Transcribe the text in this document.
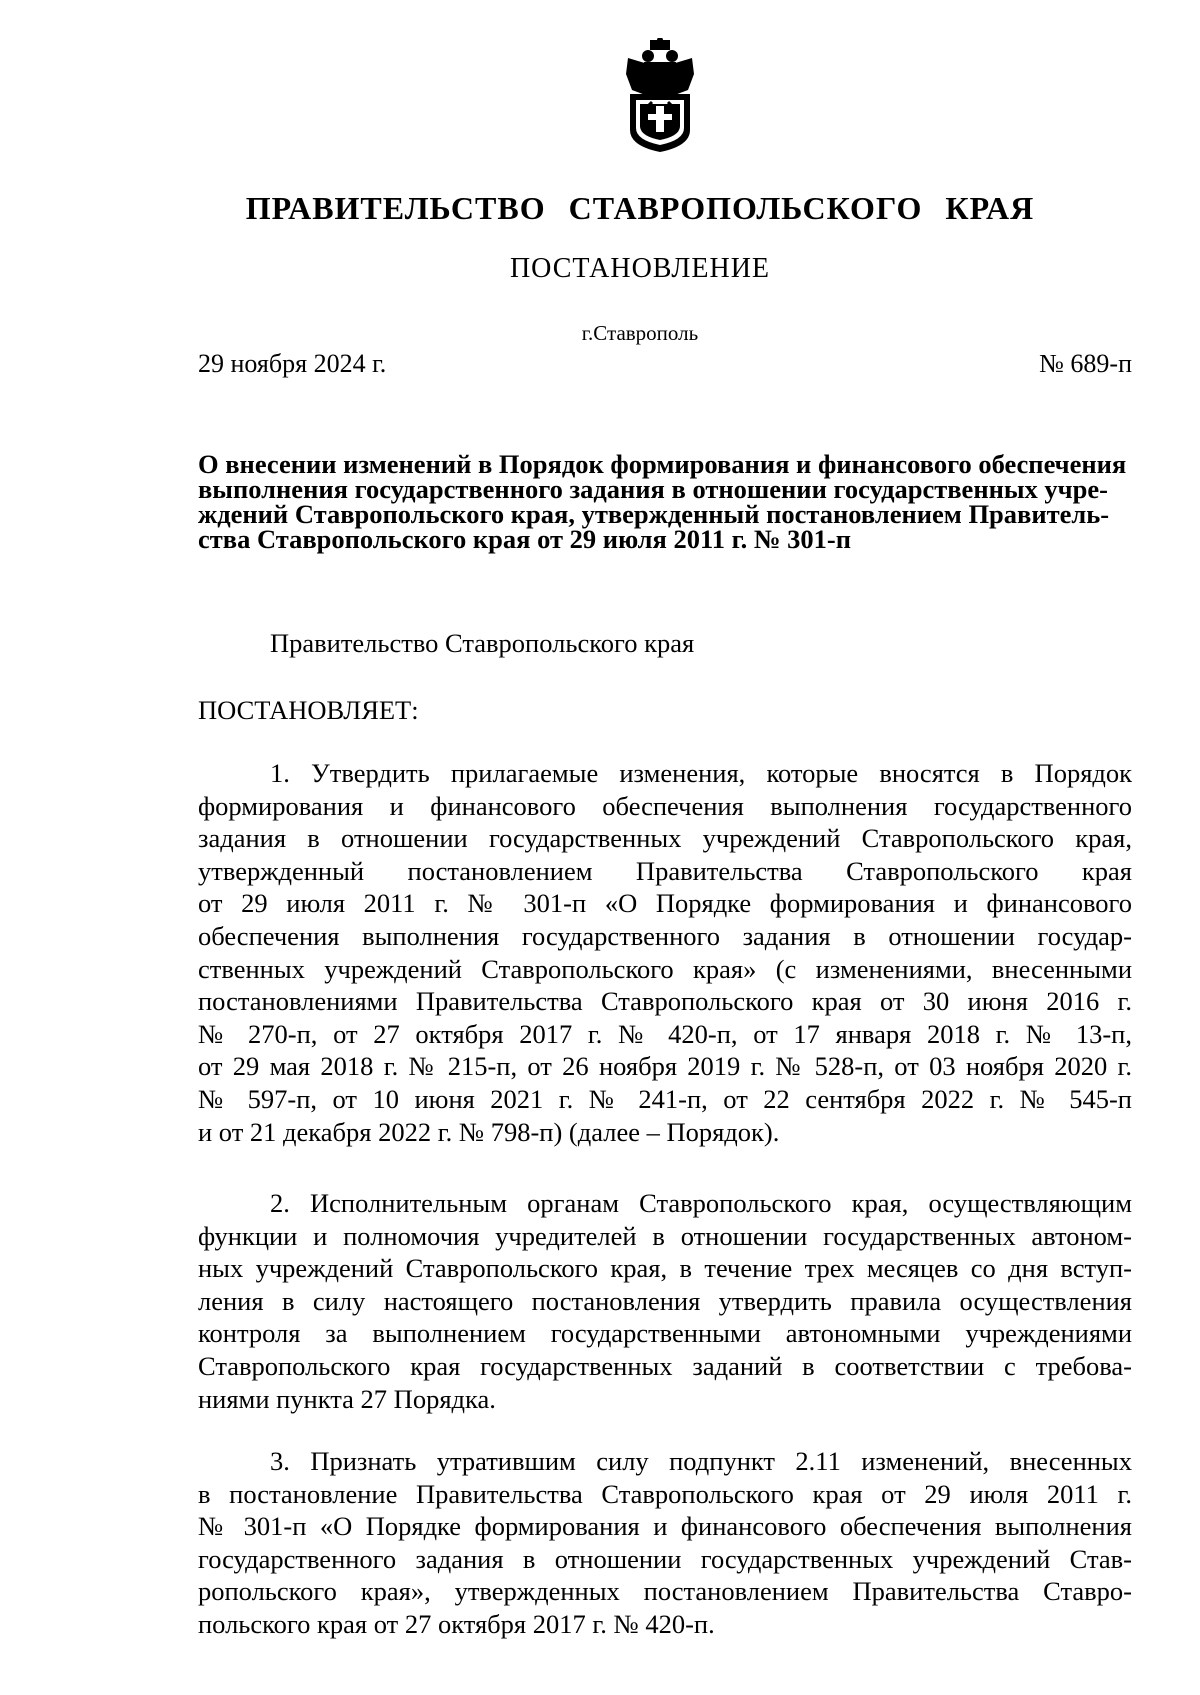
ПРАВИТЕЛЬСТВО СТАВРОПОЛЬСКОГО КРАЯ
ПОСТАНОВЛЕНИЕ
г.Ставрополь
29 ноября 2024 г.	№ 689-п
О внесении изменений в Порядок формирования и финансового обеспечения
выполнения государственного задания в отношении государственных учре-
ждений Ставропольского края, утвержденный постановлением Правитель-
ства Ставропольского края от 29 июля 2011 г. № 301-п
Правительство Ставропольского края
ПОСТАНОВЛЯЕТ:
1. Утвердить прилагаемые изменения, которые вносятся в Порядок
формирования и финансового обеспечения выполнения государственного
задания в отношении государственных учреждений Ставропольского края,
утвержденный постановлением Правительства Ставропольского края
от 29 июля 2011 г. № 301-п «О Порядке формирования и финансового
обеспечения выполнения государственного задания в отношении государ-
ственных учреждений Ставропольского края» (с изменениями, внесенными
постановлениями Правительства Ставропольского края от 30 июня 2016 г.
№ 270-п, от 27 октября 2017 г. № 420-п, от 17 января 2018 г. № 13-п,
от 29 мая 2018 г. № 215-п, от 26 ноября 2019 г. № 528-п, от 03 ноября 2020 г.
№ 597-п, от 10 июня 2021 г. № 241-п, от 22 сентября 2022 г. № 545-п
и от 21 декабря 2022 г. № 798-п) (далее – Порядок).
2. Исполнительным органам Ставропольского края, осуществляющим
функции и полномочия учредителей в отношении государственных автоном-
ных учреждений Ставропольского края, в течение трех месяцев со дня вступ-
ления в силу настоящего постановления утвердить правила осуществления
контроля за выполнением государственными автономными учреждениями
Ставропольского края государственных заданий в соответствии с требова-
ниями пункта 27 Порядка.
3. Признать утратившим силу подпункт 2.11 изменений, внесенных
в постановление Правительства Ставропольского края от 29 июля 2011 г.
№ 301-п «О Порядке формирования и финансового обеспечения выполнения
государственного задания в отношении государственных учреждений Став-
ропольского края», утвержденных постановлением Правительства Ставро-
польского края от 27 октября 2017 г. № 420-п.
